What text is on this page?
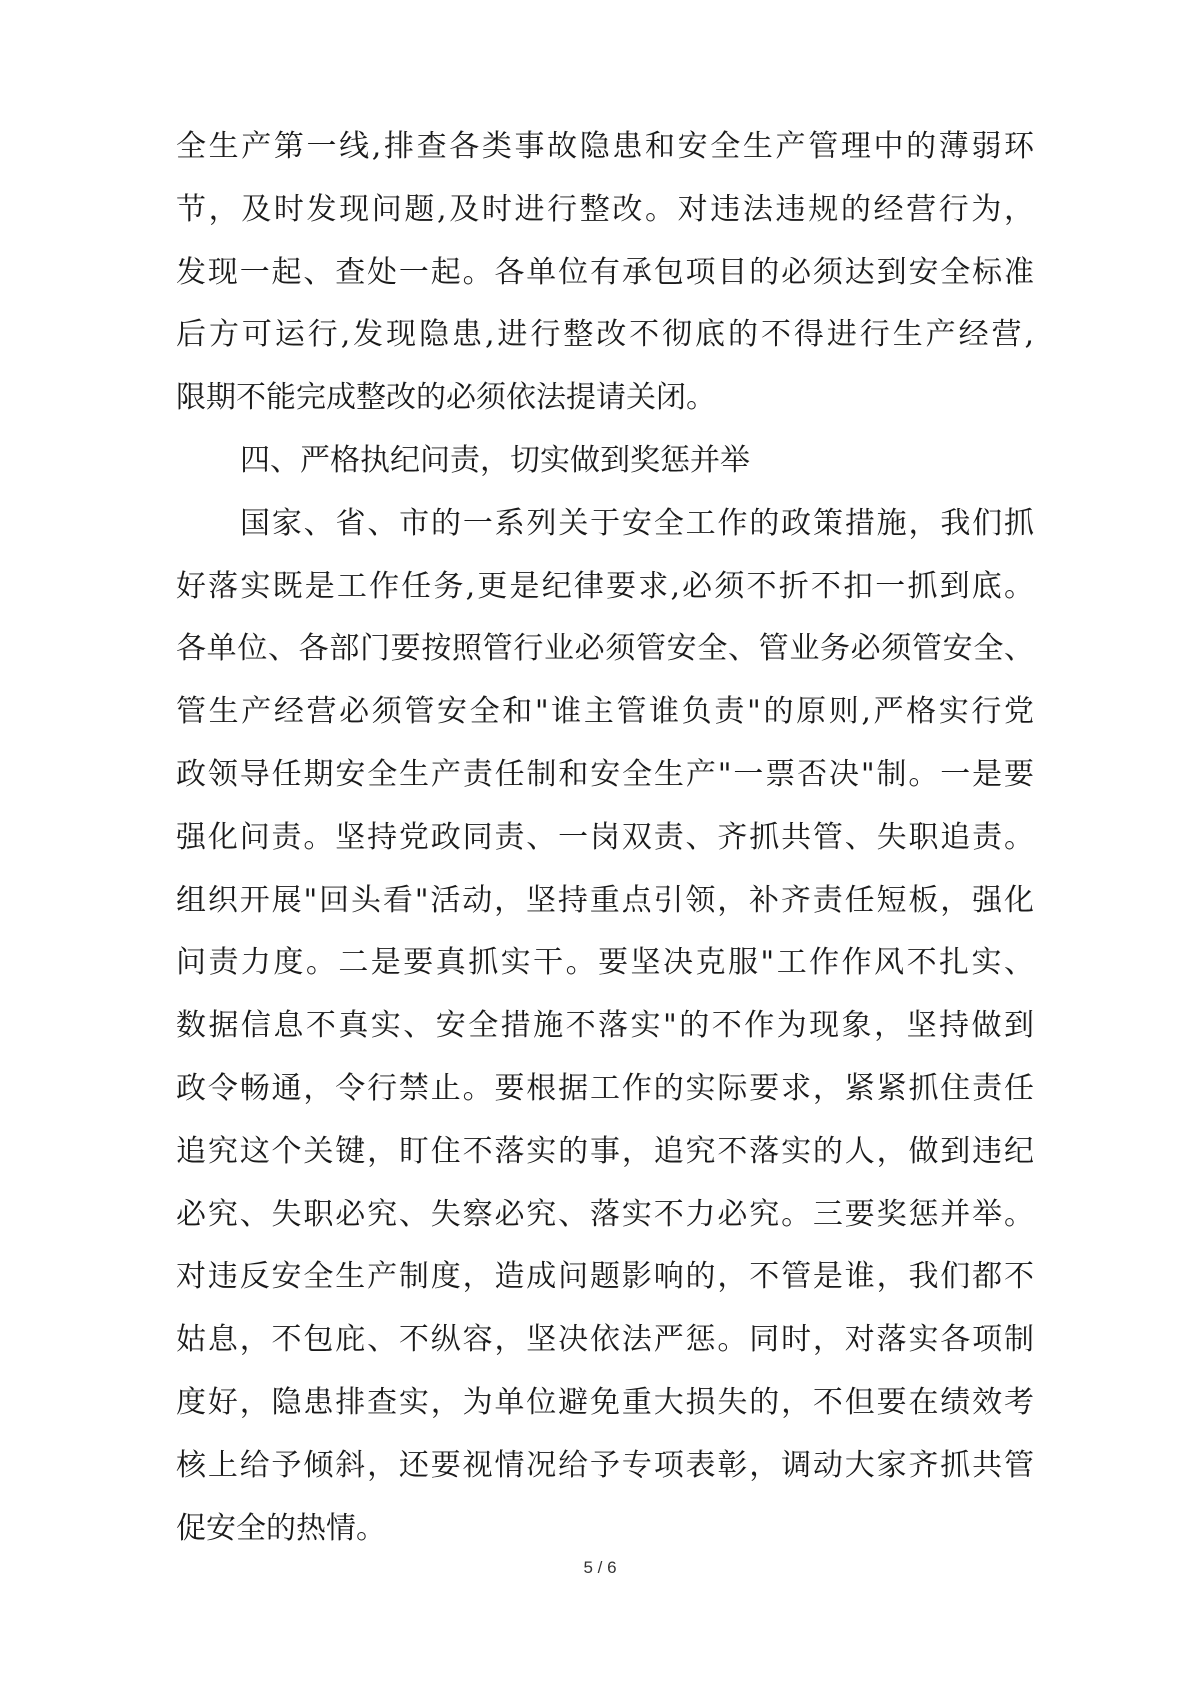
全生产第一线,排查各类事故隐患和安全生产管理中的薄弱环
节，及时发现问题,及时进行整改。对违法违规的经营行为，
发现一起、查处一起。各单位有承包项目的必须达到安全标准
后方可运行,发现隐患,进行整改不彻底的不得进行生产经营,
限期不能完成整改的必须依法提请关闭。
四、严格执纪问责，切实做到奖惩并举
国家、省、市的一系列关于安全工作的政策措施，我们抓
好落实既是工作任务,更是纪律要求,必须不折不扣一抓到底。
各单位、各部门要按照管行业必须管安全、管业务必须管安全、
管生产经营必须管安全和"谁主管谁负责"的原则,严格实行党
政领导任期安全生产责任制和安全生产"一票否决"制。一是要
强化问责。坚持党政同责、一岗双责、齐抓共管、失职追责。
组织开展"回头看"活动，坚持重点引领，补齐责任短板，强化
问责力度。二是要真抓实干。要坚决克服"工作作风不扎实、
数据信息不真实、安全措施不落实"的不作为现象，坚持做到
政令畅通，令行禁止。要根据工作的实际要求，紧紧抓住责任
追究这个关键，盯住不落实的事，追究不落实的人，做到违纪
必究、失职必究、失察必究、落实不力必究。三要奖惩并举。
对违反安全生产制度，造成问题影响的，不管是谁，我们都不
姑息，不包庇、不纵容，坚决依法严惩。同时，对落实各项制
度好，隐患排查实，为单位避免重大损失的，不但要在绩效考
核上给予倾斜，还要视情况给予专项表彰，调动大家齐抓共管
促安全的热情。
5 / 6
